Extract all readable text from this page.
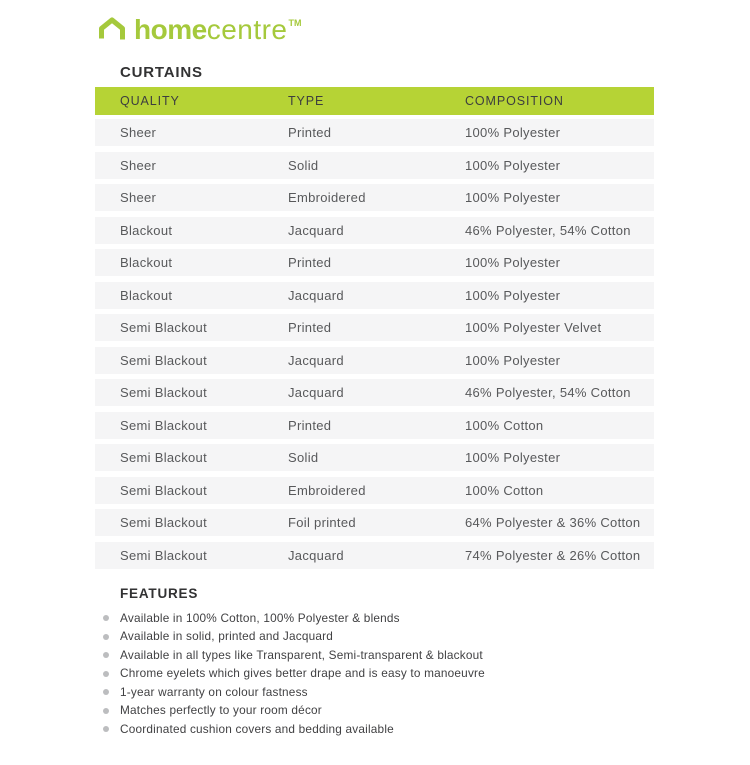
home centre TM
CURTAINS
QUALITY	TYPE	COMPOSITION
Sheer	Printed	100% Polyester
Sheer	Solid	100% Polyester
Sheer	Embroidered	100% Polyester
Blackout	Jacquard	46% Polyester, 54% Cotton
Blackout	Printed	100% Polyester
Blackout	Jacquard	100% Polyester
Semi Blackout	Printed	100% Polyester Velvet
Semi Blackout	Jacquard	100% Polyester
Semi Blackout	Jacquard	46% Polyester, 54% Cotton
Semi Blackout	Printed	100% Cotton
Semi Blackout	Solid	100% Polyester
Semi Blackout	Embroidered	100% Cotton
Semi Blackout	Foil printed	64% Polyester & 36% Cotton
Semi Blackout	Jacquard	74% Polyester & 26% Cotton
FEATURES
Available in 100% Cotton, 100% Polyester & blends
Available in solid, printed and Jacquard
Available in all types like Transparent, Semi-transparent & blackout
Chrome eyelets which gives better drape and is easy to manoeuvre
1-year warranty on colour fastness
Matches perfectly to your room décor
Coordinated cushion covers and bedding available
